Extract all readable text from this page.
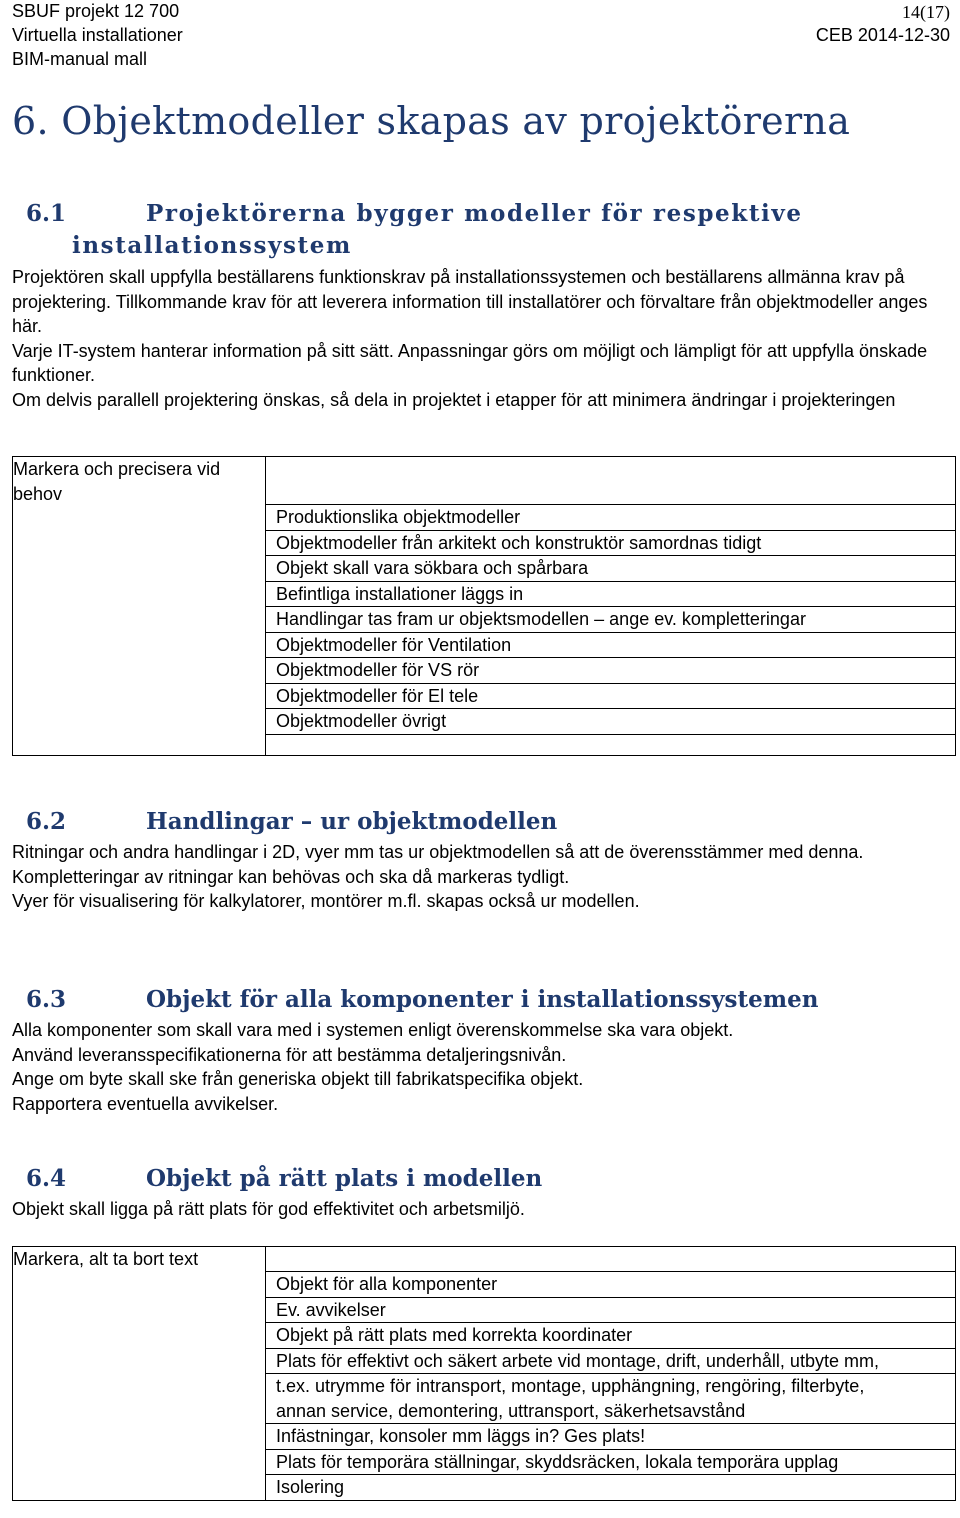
SBUF projekt 12 700
Virtuella installationer
BIM-manual mall
14(17)
CEB 2014-12-30
6. Objektmodeller skapas av projektörerna
6.1	Projektörerna bygger modeller för respektive
installationssystem
Projektören skall uppfylla beställarens funktionskrav på installationssystemen och beställarens allmänna krav på projektering. Tillkommande krav för att leverera information till installatörer och förvaltare från objektmodeller anges här.
Varje IT-system hanterar information på sitt sätt. Anpassningar görs om möjligt och lämpligt för att uppfylla önskade funktioner.
Om delvis parallell projektering önskas, så dela in projektet i etapper för att minimera ändringar i projekteringen
Markera och precisera vid behov	
Produktionslika objektmodeller
Objektmodeller från arkitekt och konstruktör samordnas tidigt
Objekt skall vara sökbara och spårbara
Befintliga installationer läggs in
Handlingar tas fram ur objektsmodellen – ange ev. kompletteringar
Objektmodeller för Ventilation
Objektmodeller för VS rör
Objektmodeller för El tele
Objektmodeller övrigt

6.2	Handlingar – ur objektmodellen
Ritningar och andra handlingar i 2D, vyer mm tas ur objektmodellen så att de överensstämmer med denna.
Kompletteringar av ritningar kan behövas och ska då markeras tydligt.
Vyer för visualisering för kalkylatorer, montörer m.fl. skapas också ur modellen.
6.3	Objekt för alla komponenter i installationssystemen
Alla komponenter som skall vara med i systemen enligt överenskommelse ska vara objekt.
Använd leveransspecifikationerna för att bestämma detaljeringsnivån.
Ange om byte skall ske från generiska objekt till fabrikatspecifika objekt.
Rapportera eventuella avvikelser.
6.4	Objekt på rätt plats i modellen
Objekt skall ligga på rätt plats för god effektivitet och arbetsmiljö.
Markera, alt ta bort text	
Objekt för alla komponenter
Ev. avvikelser
Objekt på rätt plats med korrekta koordinater
Plats för effektivt och säkert arbete vid montage, drift, underhåll, utbyte mm,
t.ex. utrymme för intransport, montage, upphängning, rengöring, filterbyte, annan service, demontering, uttransport, säkerhetsavstånd
Infästningar, konsoler mm läggs in? Ges plats!
Plats för temporära ställningar, skyddsräcken, lokala temporära upplag
Isolering
